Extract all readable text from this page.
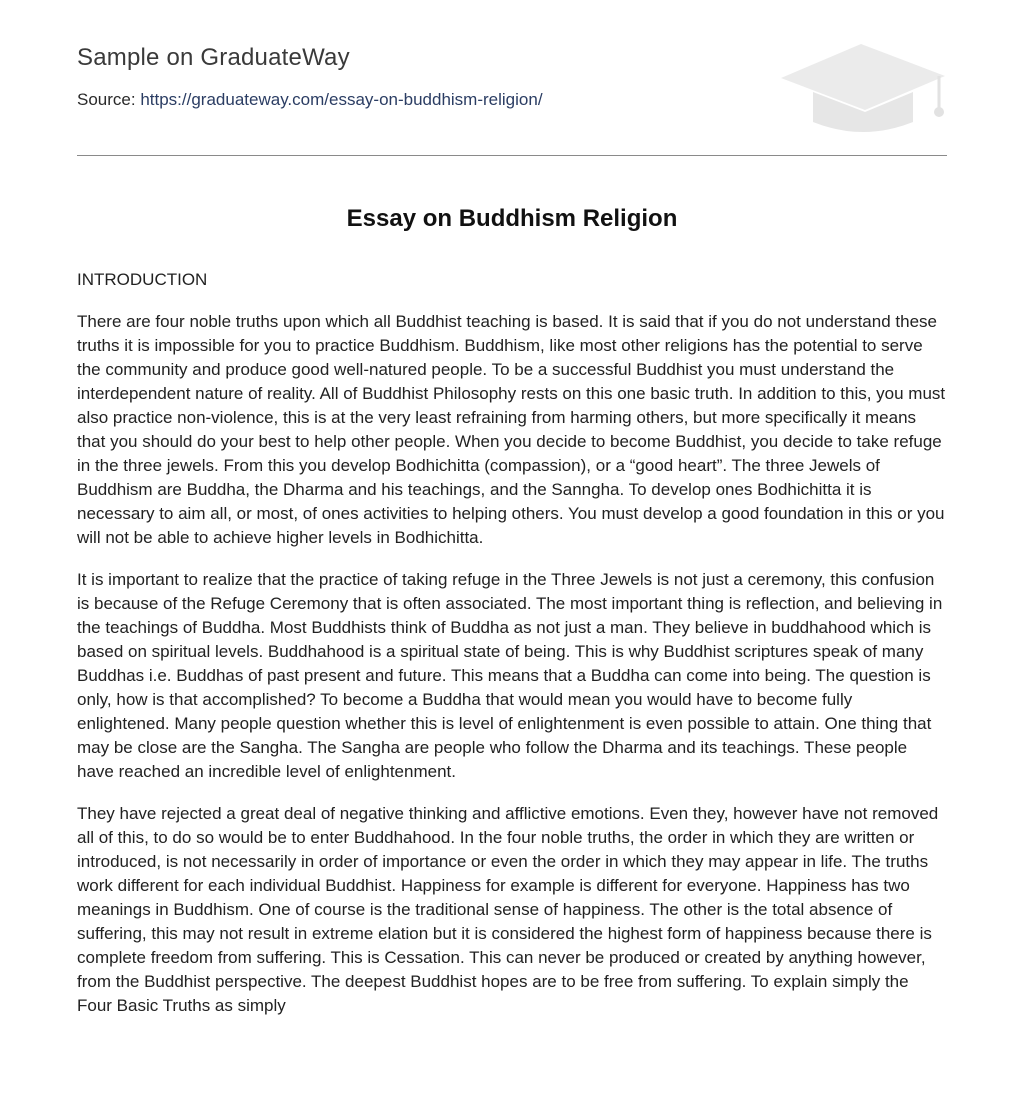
Sample on GraduateWay
Source: https://graduateway.com/essay-on-buddhism-religion/
Essay on Buddhism Religion

INTRODUCTION

There are four noble truths upon which all Buddhist teaching is based. It is said that if you do not understand these truths it is impossible for you to practice Buddhism. Buddhism, like most other religions has the potential to serve the community and produce good well-natured people. To be a successful Buddhist you must understand the interdependent nature of reality. All of Buddhist Philosophy rests on this one basic truth. In addition to this, you must also practice non-violence, this is at the very least refraining from harming others, but more specifically it means that you should do your best to help other people. When you decide to become Buddhist, you decide to take refuge in the three jewels. From this you develop Bodhichitta (compassion), or a “good heart”. The three Jewels of Buddhism are Buddha, the Dharma and his teachings, and the Sanngha. To develop ones Bodhichitta it is necessary to aim all, or most, of ones activities to helping others. You must develop a good foundation in this or you will not be able to achieve higher levels in Bodhichitta.

It is important to realize that the practice of taking refuge in the Three Jewels is not just a ceremony, this confusion is because of the Refuge Ceremony that is often associated. The most important thing is reflection, and believing in the teachings of Buddha. Most Buddhists think of Buddha as not just a man. They believe in buddhahood which is based on spiritual levels. Buddhahood is a spiritual state of being. This is why Buddhist scriptures speak of many Buddhas i.e. Buddhas of past present and future. This means that a Buddha can come into being. The question is only, how is that accomplished? To become a Buddha that would mean you would have to become fully enlightened. Many people question whether this is level of enlightenment is even possible to attain. One thing that may be close are the Sangha. The Sangha are people who follow the Dharma and its teachings. These people have reached an incredible level of enlightenment.

They have rejected a great deal of negative thinking and afflictive emotions. Even they, however have not removed all of this, to do so would be to enter Buddhahood. In the four noble truths, the order in which they are written or introduced, is not necessarily in order of importance or even the order in which they may appear in life. The truths work different for each individual Buddhist. Happiness for example is different for everyone. Happiness has two meanings in Buddhism. One of course is the traditional sense of happiness. The other is the total absence of suffering, this may not result in extreme elation but it is considered the highest form of happiness because there is complete freedom from suffering. This is Cessation. This can never be produced or created by anything however, from the Buddhist perspective. The deepest Buddhist hopes are to be free from suffering. To explain simply the Four Basic Truths as simply
